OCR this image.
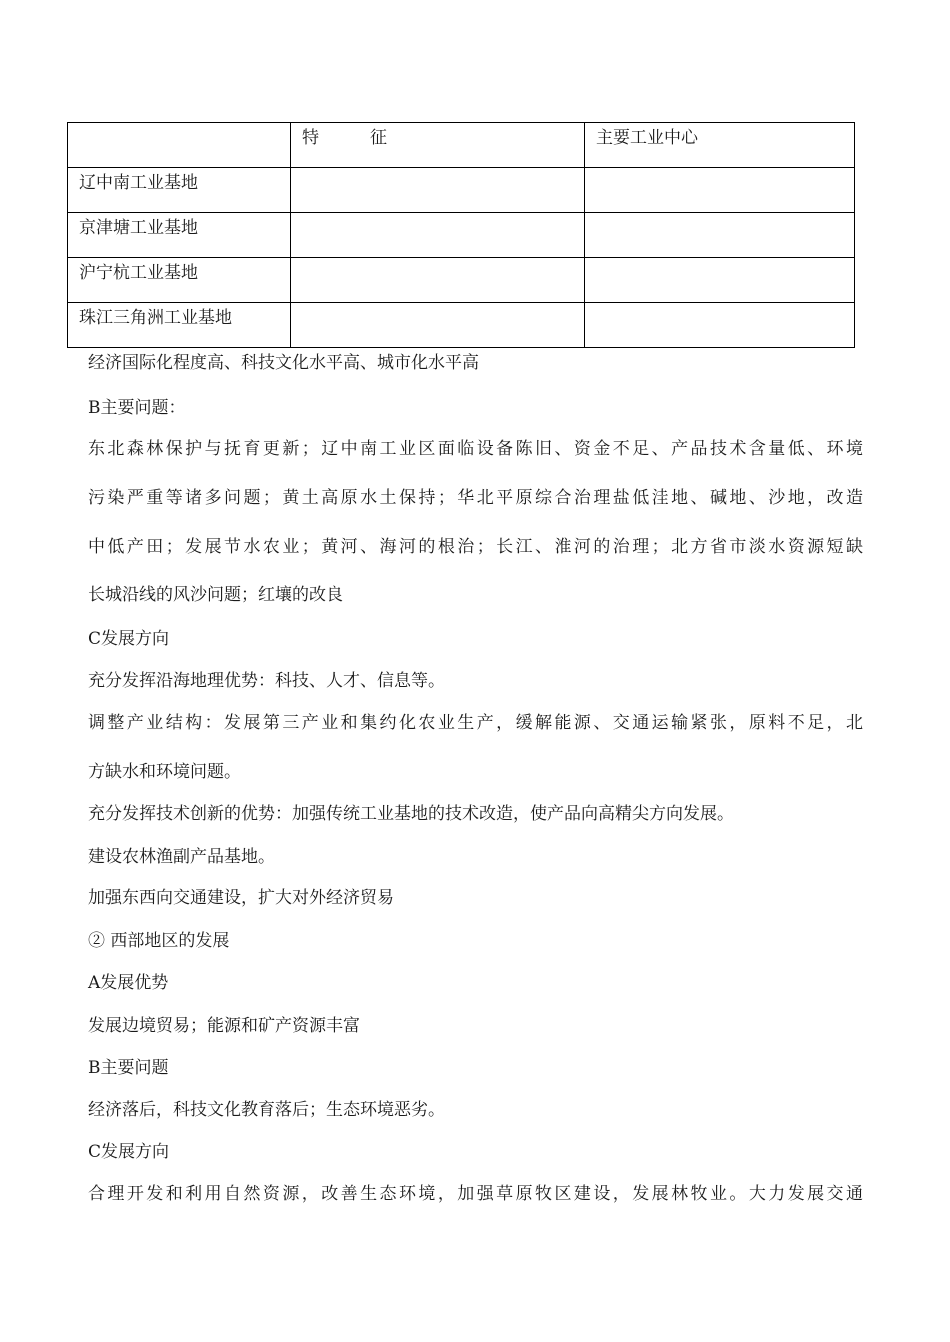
	特　　　征	主要工业中心
辽中南工业基地		
京津塘工业基地		
沪宁杭工业基地		
珠江三角洲工业基地		
经济国际化程度高、科技文化水平高、城市化水平高
B主要问题：
东北森林保护与抚育更新；辽中南工业区面临设备陈旧、资金不足、产品技术含量低、环境
污染严重等诸多问题；黄土高原水土保持；华北平原综合治理盐低洼地、碱地、沙地，改造
中低产田；发展节水农业；黄河、海河的根治；长江、淮河的治理；北方省市淡水资源短缺
长城沿线的风沙问题；红壤的改良
C发展方向
充分发挥沿海地理优势：科技、人才、信息等。
调整产业结构：发展第三产业和集约化农业生产，缓解能源、交通运输紧张，原料不足，北
方缺水和环境问题。
充分发挥技术创新的优势：加强传统工业基地的技术改造，使产品向高精尖方向发展。
建设农林渔副产品基地。
加强东西向交通建设，扩大对外经济贸易
② 西部地区的发展
A发展优势
发展边境贸易；能源和矿产资源丰富
B主要问题
经济落后，科技文化教育落后；生态环境恶劣。
C发展方向
合理开发和利用自然资源，改善生态环境，加强草原牧区建设，发展林牧业。大力发展交通
